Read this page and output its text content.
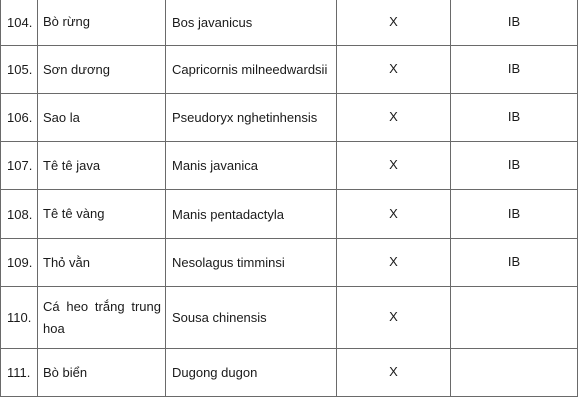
104.	Bò rừng	Bos javanicus	X	IB
105.	Sơn dương	Capricornis milneedwardsii	X	IB
106.	Sao la	Pseudoryx nghetinhensis	X	IB
107.	Tê tê java	Manis javanica	X	IB
108.	Tê tê vàng	Manis pentadactyla	X	IB
109.	Thỏ vằn	Nesolagus timminsi	X	IB
110.	Cá heo trắng trung hoa	Sousa chinensis	X	
111.	Bò biển	Dugong dugon	X	
